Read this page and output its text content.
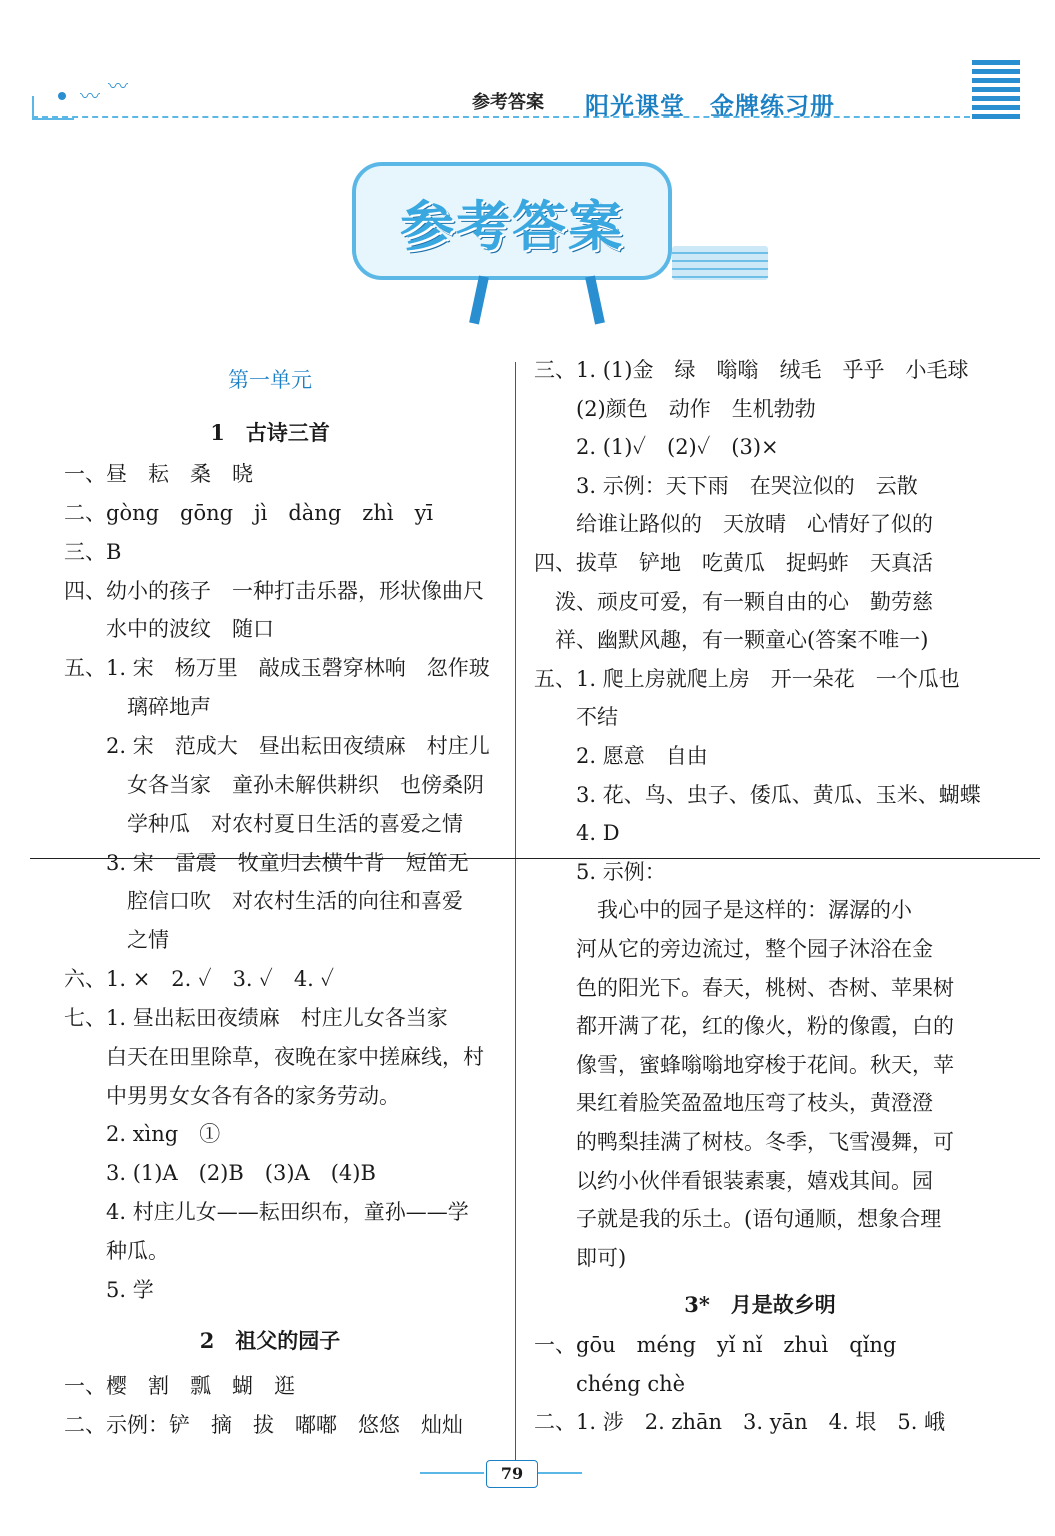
〰 〰
参考答案 阳光课堂　金牌练习册
参考答案
第一单元
1　古诗三首
一、昼　耘　桑　晓
二、gòng　gōng　jì　dàng　zhì　yī
三、B
四、幼小的孩子　一种打击乐器，形状像曲尺
　　水中的波纹　随口
五、1. 宋　杨万里　敲成玉磬穿林响　忽作玻
　　　璃碎地声
　　2. 宋　范成大　昼出耘田夜绩麻　村庄儿
　　　女各当家　童孙未解供耕织　也傍桑阴
　　　学种瓜　对农村夏日生活的喜爱之情
　　3. 宋　雷震　牧童归去横牛背　短笛无
　　　腔信口吹　对农村生活的向往和喜爱
　　　之情
六、1. ×　2. ✓　3. ✓　4. ✓
七、1. 昼出耘田夜绩麻　村庄儿女各当家
　　白天在田里除草，夜晚在家中搓麻线，村
　　中男男女女各有各的家务劳动。
　　2. xìng　①
　　3. (1)A　(2)B　(3)A　(4)B
　　4. 村庄儿女——耘田织布，童孙——学
　　种瓜。
　　5. 学
2　祖父的园子
一、樱　割　瓢　蝴　逛
二、示例：铲　摘　拔　嘟嘟　悠悠　灿灿
三、1. (1)金　绿　嗡嗡　绒毛　乎乎　小毛球
　　(2)颜色　动作　生机勃勃
　　2. (1)✓　(2)✓　(3)×
　　3. 示例：天下雨　在哭泣似的　云散
　　给谁让路似的　天放晴　心情好了似的
四、拔草　铲地　吃黄瓜　捉蚂蚱　天真活
　泼、顽皮可爱，有一颗自由的心　勤劳慈
　祥、幽默风趣，有一颗童心(答案不唯一)
五、1. 爬上房就爬上房　开一朵花　一个瓜也
　　不结
　　2. 愿意　自由
　　3. 花、鸟、虫子、倭瓜、黄瓜、玉米、蝴蝶
　　4. D
　　5. 示例：
　　　我心中的园子是这样的：潺潺的小
　　河从它的旁边流过，整个园子沐浴在金
　　色的阳光下。春天，桃树、杏树、苹果树
　　都开满了花，红的像火，粉的像霞，白的
　　像雪，蜜蜂嗡嗡地穿梭于花间。秋天，苹
　　果红着脸笑盈盈地压弯了枝头，黄澄澄
　　的鸭梨挂满了树枝。冬季，飞雪漫舞，可
　　以约小伙伴看银装素裹，嬉戏其间。园
　　子就是我的乐土。(语句通顺，想象合理
　　即可)
3*　月是故乡明
一、gōu　méng　yǐ nǐ　zhuì　qǐng
　　chéng chè
二、1. 涉　2. zhān　3. yān　4. 垠　5. 峨
79
